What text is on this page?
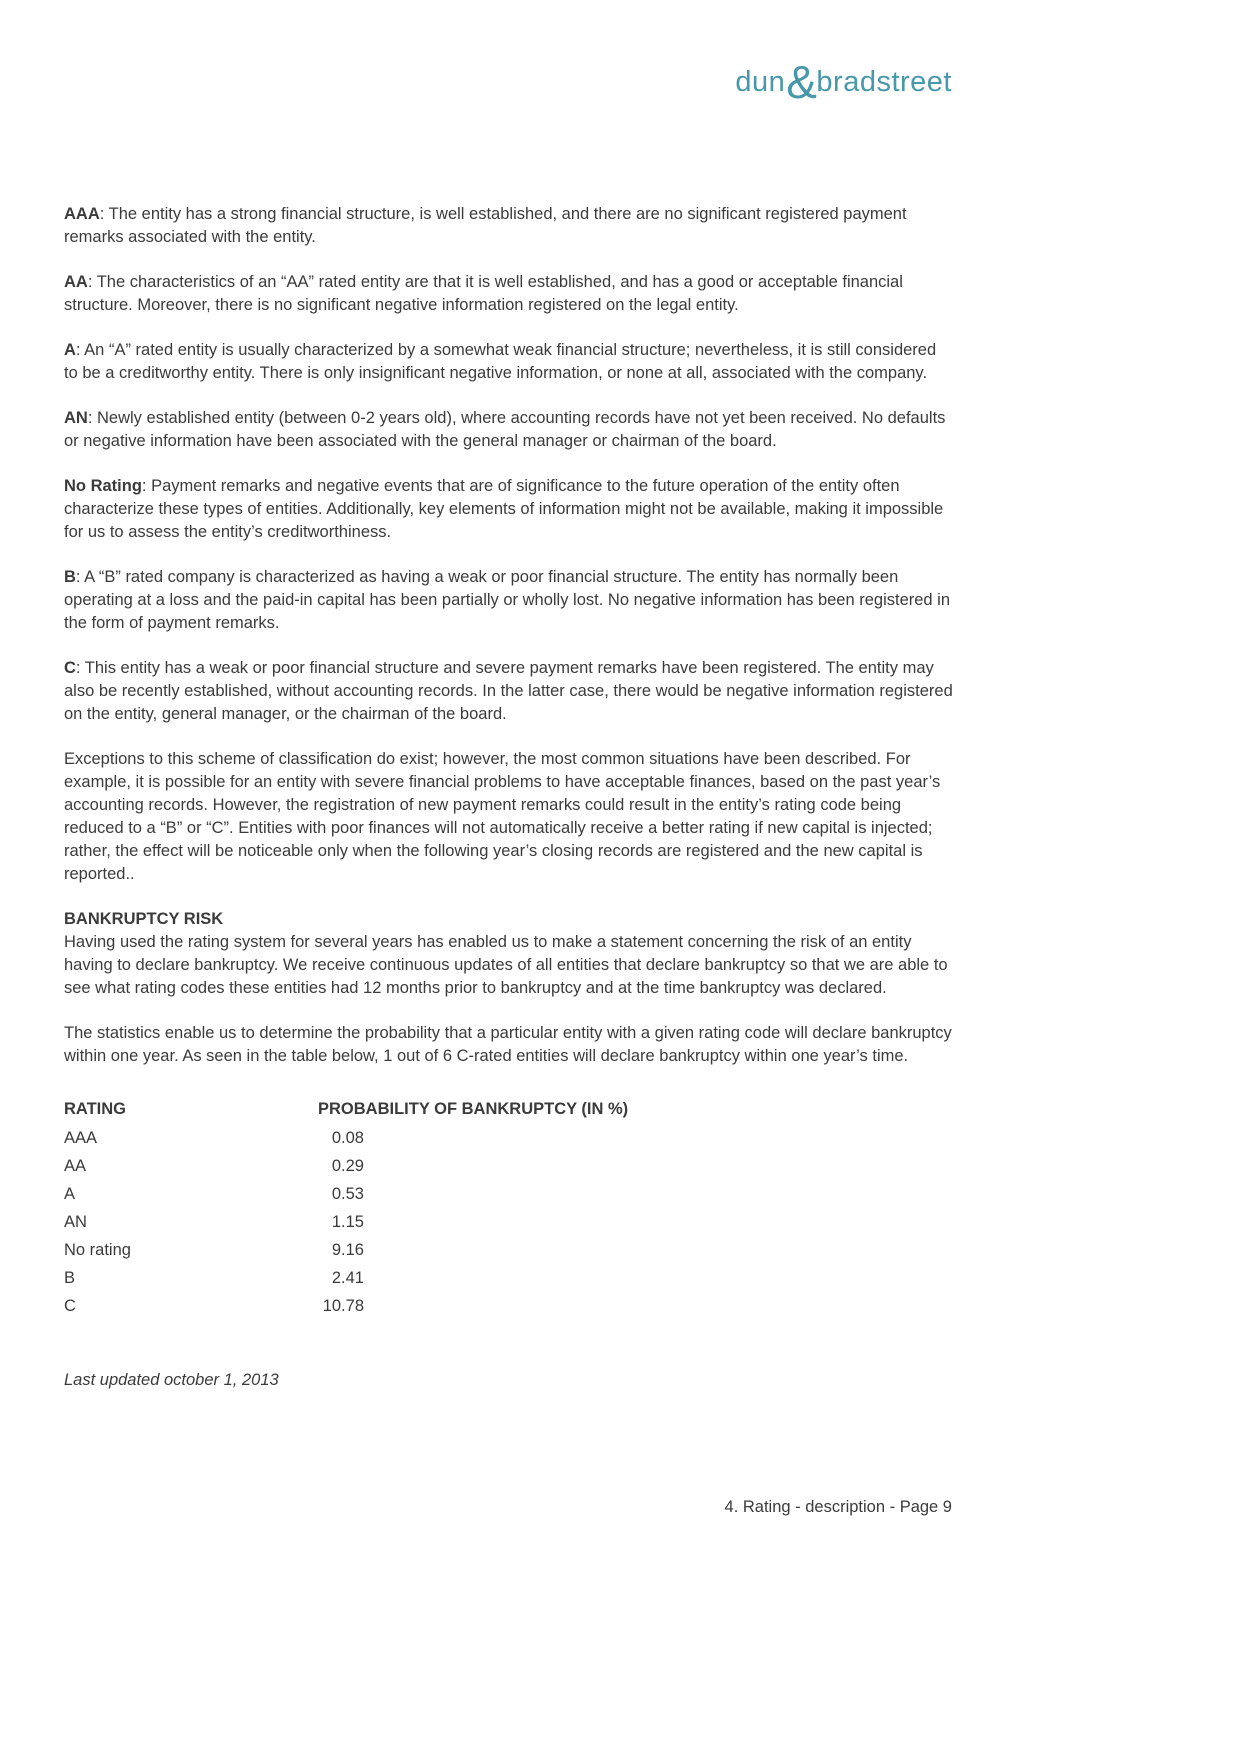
dun&bradstreet

AAA: The entity has a strong financial structure, is well established, and there are no significant registered payment remarks associated with the entity.

AA: The characteristics of an “AA” rated entity are that it is well established, and has a good or acceptable financial structure. Moreover, there is no significant negative information registered on the legal entity.

A: An “A” rated entity is usually characterized by a somewhat weak financial structure; nevertheless, it is still considered to be a creditworthy entity. There is only insignificant negative information, or none at all, associated with the company.

AN: Newly established entity (between 0-2 years old), where accounting records have not yet been received. No defaults or negative information have been associated with the general manager or chairman of the board.

No Rating: Payment remarks and negative events that are of significance to the future operation of the entity often characterize these types of entities. Additionally, key elements of information might not be available, making it impossible for us to assess the entity’s creditworthiness.

B: A “B” rated company is characterized as having a weak or poor financial structure. The entity has normally been operating at a loss and the paid-in capital has been partially or wholly lost. No negative information has been registered in the form of payment remarks.

C: This entity has a weak or poor financial structure and severe payment remarks have been registered. The entity may also be recently established, without accounting records. In the latter case, there would be negative information registered on the entity, general manager, or the chairman of the board.

Exceptions to this scheme of classification do exist; however, the most common situations have been described. For example, it is possible for an entity with severe financial problems to have acceptable finances, based on the past year’s accounting records. However, the registration of new payment remarks could result in the entity’s rating code being reduced to a “B” or “C”. Entities with poor finances will not automatically receive a better rating if new capital is injected; rather, the effect will be noticeable only when the following year’s closing records are registered and the new capital is reported..

BANKRUPTCY RISK

Having used the rating system for several years has enabled us to make a statement concerning the risk of an entity having to declare bankruptcy. We receive continuous updates of all entities that declare bankruptcy so that we are able to see what rating codes these entities had 12 months prior to bankruptcy and at the time bankruptcy was declared.

The statistics enable us to determine the probability that a particular entity with a given rating code will declare bankruptcy within one year. As seen in the table below, 1 out of 6 C-rated entities will declare bankruptcy within one year’s time.

RATING	PROBABILITY OF BANKRUPTCY (IN %)
AAA	0.08
AA	0.29
A	0.53
AN	1.15
No rating	9.16
B	2.41
C	10.78

Last updated october 1, 2013

4. Rating - description - Page 9
